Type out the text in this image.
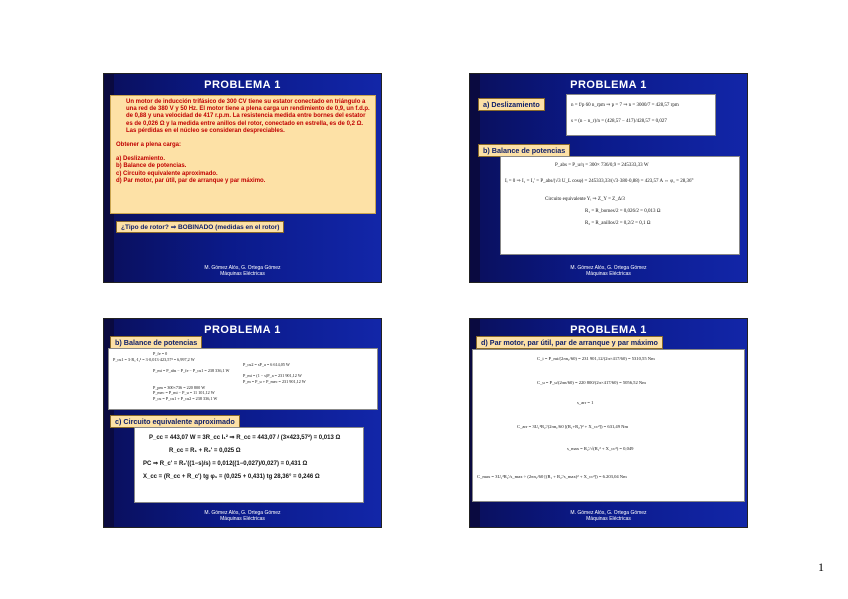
PROBLEMA 1
Un motor de inducción trifásico de 300 CV tiene su estator conectado en triángulo a una red de 380 V y 50 Hz. El motor tiene a plena carga un rendimiento de 0,9, un f.d.p. de 0,88 y una velocidad de 417 r.p.m. La resistencia medida entre bornes del estator es de 0,026 Ω y la medida entre anillos del rotor, conectado en estrella, es de 0,2 Ω. Las pérdidas en el núcleo se consideran despreciables.
Obtener a plena carga:
a) Deslizamiento.
b) Balance de potencias.
c) Circuito equivalente aproximado.
d) Par motor, par útil, par de arranque y par máximo.
¿Tipo de rotor? ⇒ BOBINADO (medidas en el rotor)
M. Gómez Alós, G. Ortega Gómez
Máquinas Eléctricas
PROBLEMA 1
a) Deslizamiento	n = f/p 60 n_rpm ⇒ p = 7 ⇒ n = 3000/7 = 428,57 rpm
s = (n − n_r)/n = (428,57 − 417)/428,57 = 0,027
b) Balance de potencias
P_abs = P_u/η = 300× 736/0,9 = 245333,33 W
Iᵢ = 0 ⇒ I₁ = I₁' = P_abs/(√3 U_L cosφ) = 245333,33/(√3·380·0,88) = 423,57 A ⇔ φ₁ = 28,36°
Circuito equivalente Yᵢ ⇒ Z_Y = Z_Δ/3
R₁ = R_bornes/2 = 0,026/2 = 0,013 Ω
R₂ = R_anillos/2 = 0,2/2 = 0,1 Ω
M. Gómez Alós, G. Ortega Gómez
Máquinas Eléctricas
PROBLEMA 1
b) Balance de potencias
P_fe = 0
P_cu1 = 3·R₁·I₁² = 3·0,013·423,57² = 6,997,2 W
P_cu2 = sP_a = 6 614,05 W
P_mi = P_abs − P_fe − P_cu1 = 238 336,1 W
P_mi = (1 − s)P_a = 231 901,12 W
P_m = P_u + P_mec = 231 901,12 W
P_pm = 300×736 = 220 800 W
P_mec = P_mi − P_u = 11 101,12 W
P_cu = P_cu1 + P_cu2 = 238 336,1 W
c) Circuito equivalente aproximado
P_cc = 443,07 W = 3R_cc I₁² ⇒ R_cc = 443,07 / (3×423,57²) = 0,013 Ω
R_cc = R₁ + R₂' = 0,025 Ω
PC ⇒ R_c' = R₂'((1−s)/s) = 0,012((1−0,027)/0,027) = 0,431 Ω
X_cc = (R_cc + R_c') tg φ₁ = (0,025 + 0,431) tg 28,36° = 0,246 Ω
M. Gómez Alós, G. Ortega Gómez
Máquinas Eléctricas
PROBLEMA 1
d) Par motor, par útil, par de arranque y par máximo
C_i = P_mi/(2πn₁/60) = 231 901,12/(2π×417/60) = 5310,55 Nm
C_u = P_u/(2πn/60) = 220 800/(2π×417/60) = 5056,52 Nm
s_arr = 1
C_arr = 3U₁²R₂'/(2πn₁/60 [(R₁+R₂')² + X_cc²]) = 631,49 Nm
s_max = R₂'/√(R₁² + X_cc²) = 0,049
C_max = 3U₁²R₂'/s_max ÷ (2πn₁/60 [(R₁ + R₂'/s_max)² + X_cc²]) = 6.203,04 Nm
M. Gómez Alós, G. Ortega Gómez
Máquinas Eléctricas
1
